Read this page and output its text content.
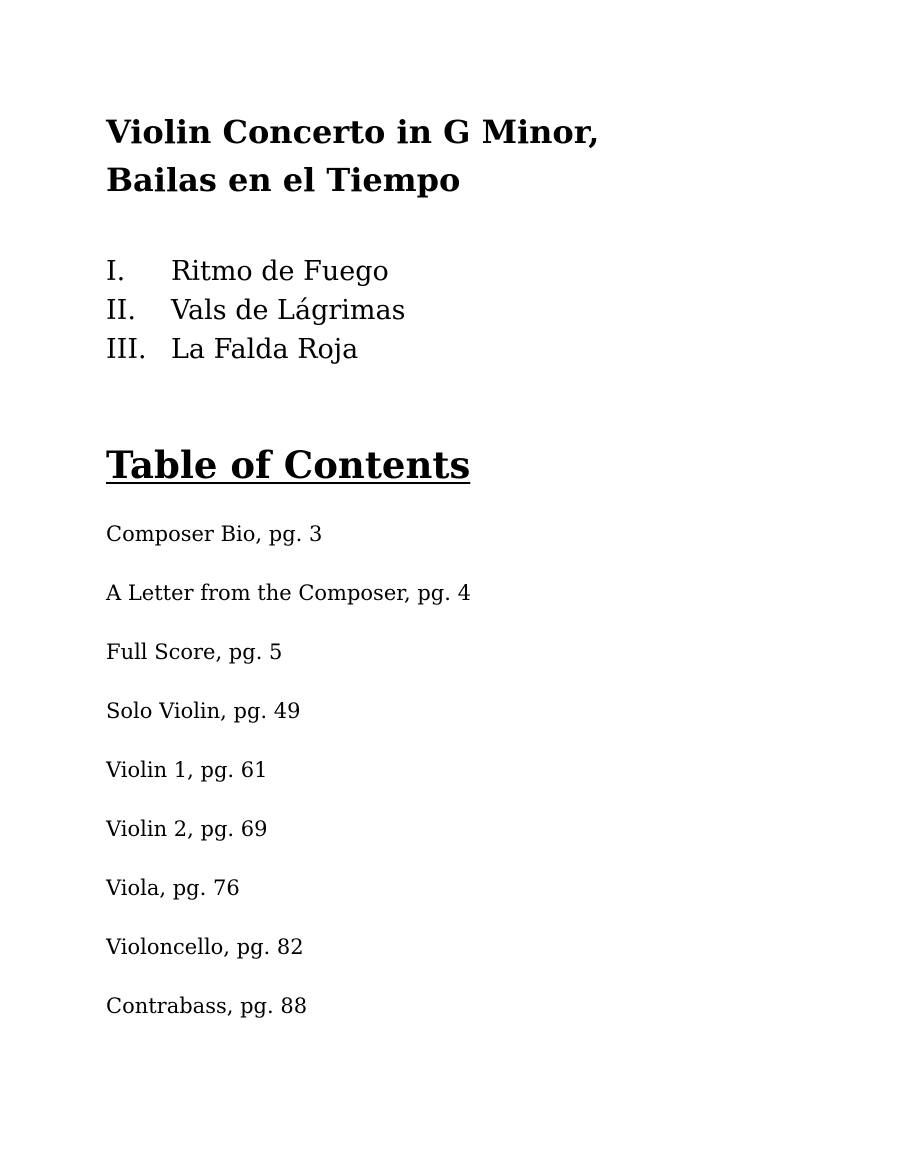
Violin Concerto in G Minor,
Bailas en el Tiempo
I. Ritmo de Fuego
II. Vals de Lágrimas
III. La Falda Roja
Table of Contents
Composer Bio, pg. 3
A Letter from the Composer, pg. 4
Full Score, pg. 5
Solo Violin, pg. 49
Violin 1, pg. 61
Violin 2, pg. 69
Viola, pg. 76
Violoncello, pg. 82
Contrabass, pg. 88
